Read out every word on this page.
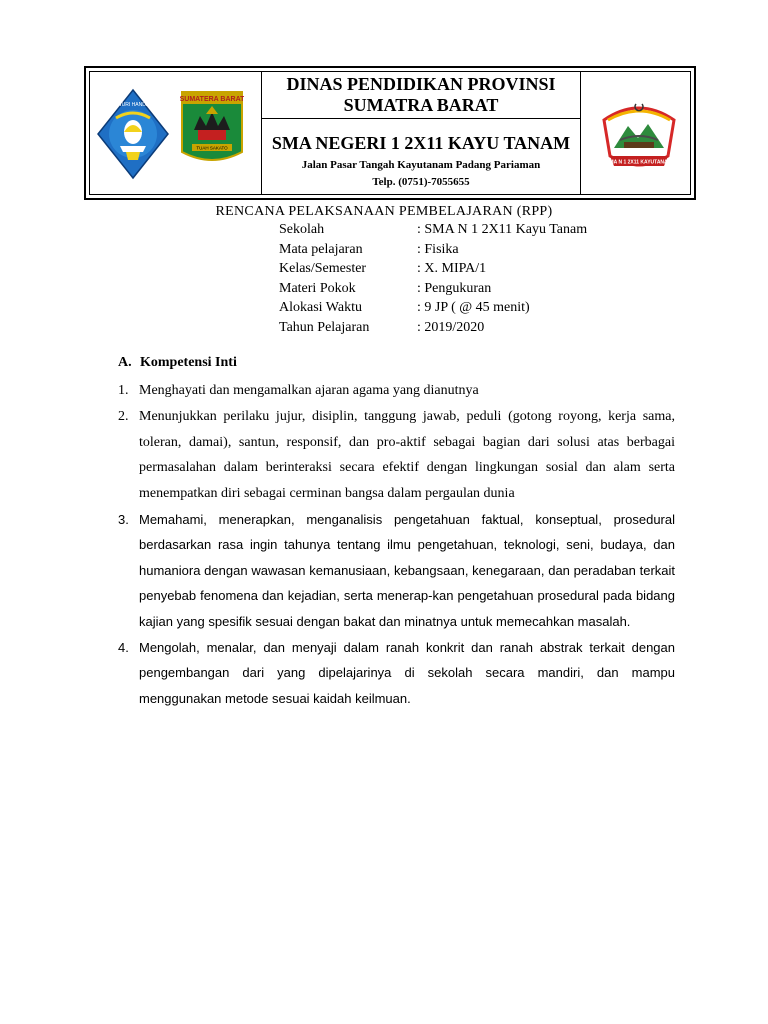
TUT WURI HANDAYANI
SUMATERA BARAT
TUAH SAKATO
DINAS PENDIDIKAN PROVINSI
SUMATRA BARAT
SMA NEGERI 1 2X11 KAYU TANAM
Jalan Pasar Tangah Kayutanam Padang Pariaman
Telp. (0751)-7055655
SMA N 1 2X11 KAYUTANAM
RENCANA PELAKSANAAN PEMBELAJARAN (RPP)
Sekolah	: SMA N 1 2X11 Kayu Tanam
Mata pelajaran	: Fisika
Kelas/Semester	: X. MIPA/1
Materi Pokok	: Pengukuran
Alokasi Waktu	: 9 JP ( @ 45 menit)
Tahun Pelajaran	: 2019/2020
A. Kompetensi Inti
1. Menghayati dan mengamalkan ajaran agama yang dianutnya
2. Menunjukkan perilaku jujur, disiplin, tanggung jawab, peduli (gotong royong, kerja sama, toleran, damai), santun, responsif, dan pro-aktif sebagai bagian dari solusi atas berbagai permasalahan dalam berinteraksi secara efektif dengan lingkungan sosial dan alam serta menempatkan diri sebagai cerminan bangsa dalam pergaulan dunia
3. Memahami, menerapkan, menganalisis pengetahuan faktual, konseptual, prosedural berdasarkan rasa ingin tahunya tentang ilmu pengetahuan, teknologi, seni, budaya, dan humaniora dengan wawasan kemanusiaan, kebangsaan, kenegaraan, dan peradaban terkait penyebab fenomena dan kejadian, serta menerap-kan pengetahuan prosedural pada bidang kajian yang spesifik sesuai dengan bakat dan minatnya untuk memecahkan masalah.
4. Mengolah, menalar, dan menyaji dalam ranah konkrit dan ranah abstrak terkait dengan pengembangan dari yang dipelajarinya di sekolah secara mandiri, dan mampu menggunakan metode sesuai kaidah keilmuan.
